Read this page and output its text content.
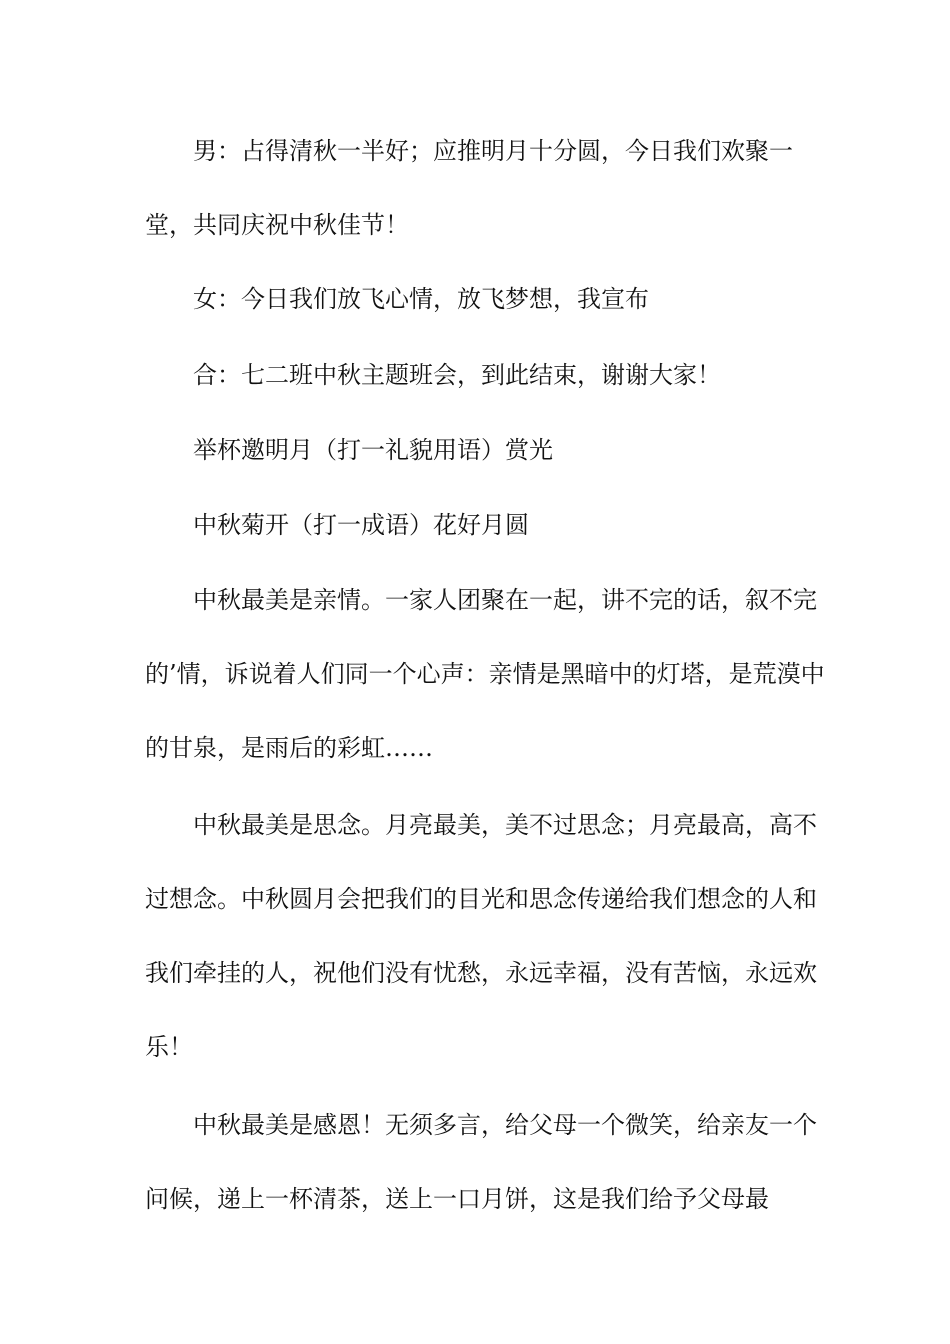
男：占得清秋一半好；应推明月十分圆，今日我们欢聚一堂，共同庆祝中秋佳节！

女：今日我们放飞心情，放飞梦想，我宣布

合：七二班中秋主题班会，到此结束，谢谢大家！

举杯邀明月（打一礼貌用语）赏光

中秋菊开（打一成语）花好月圆

中秋最美是亲情。一家人团聚在一起，讲不完的话，叙不完的’情，诉说着人们同一个心声：亲情是黑暗中的灯塔，是荒漠中的甘泉，是雨后的彩虹……

中秋最美是思念。月亮最美，美不过思念；月亮最高，高不过想念。中秋圆月会把我们的目光和思念传递给我们想念的人和我们牵挂的人，祝他们没有忧愁，永远幸福，没有苦恼，永远欢乐！

中秋最美是感恩！无须多言，给父母一个微笑，给亲友一个问候，递上一杯清茶，送上一口月饼，这是我们给予父母最
